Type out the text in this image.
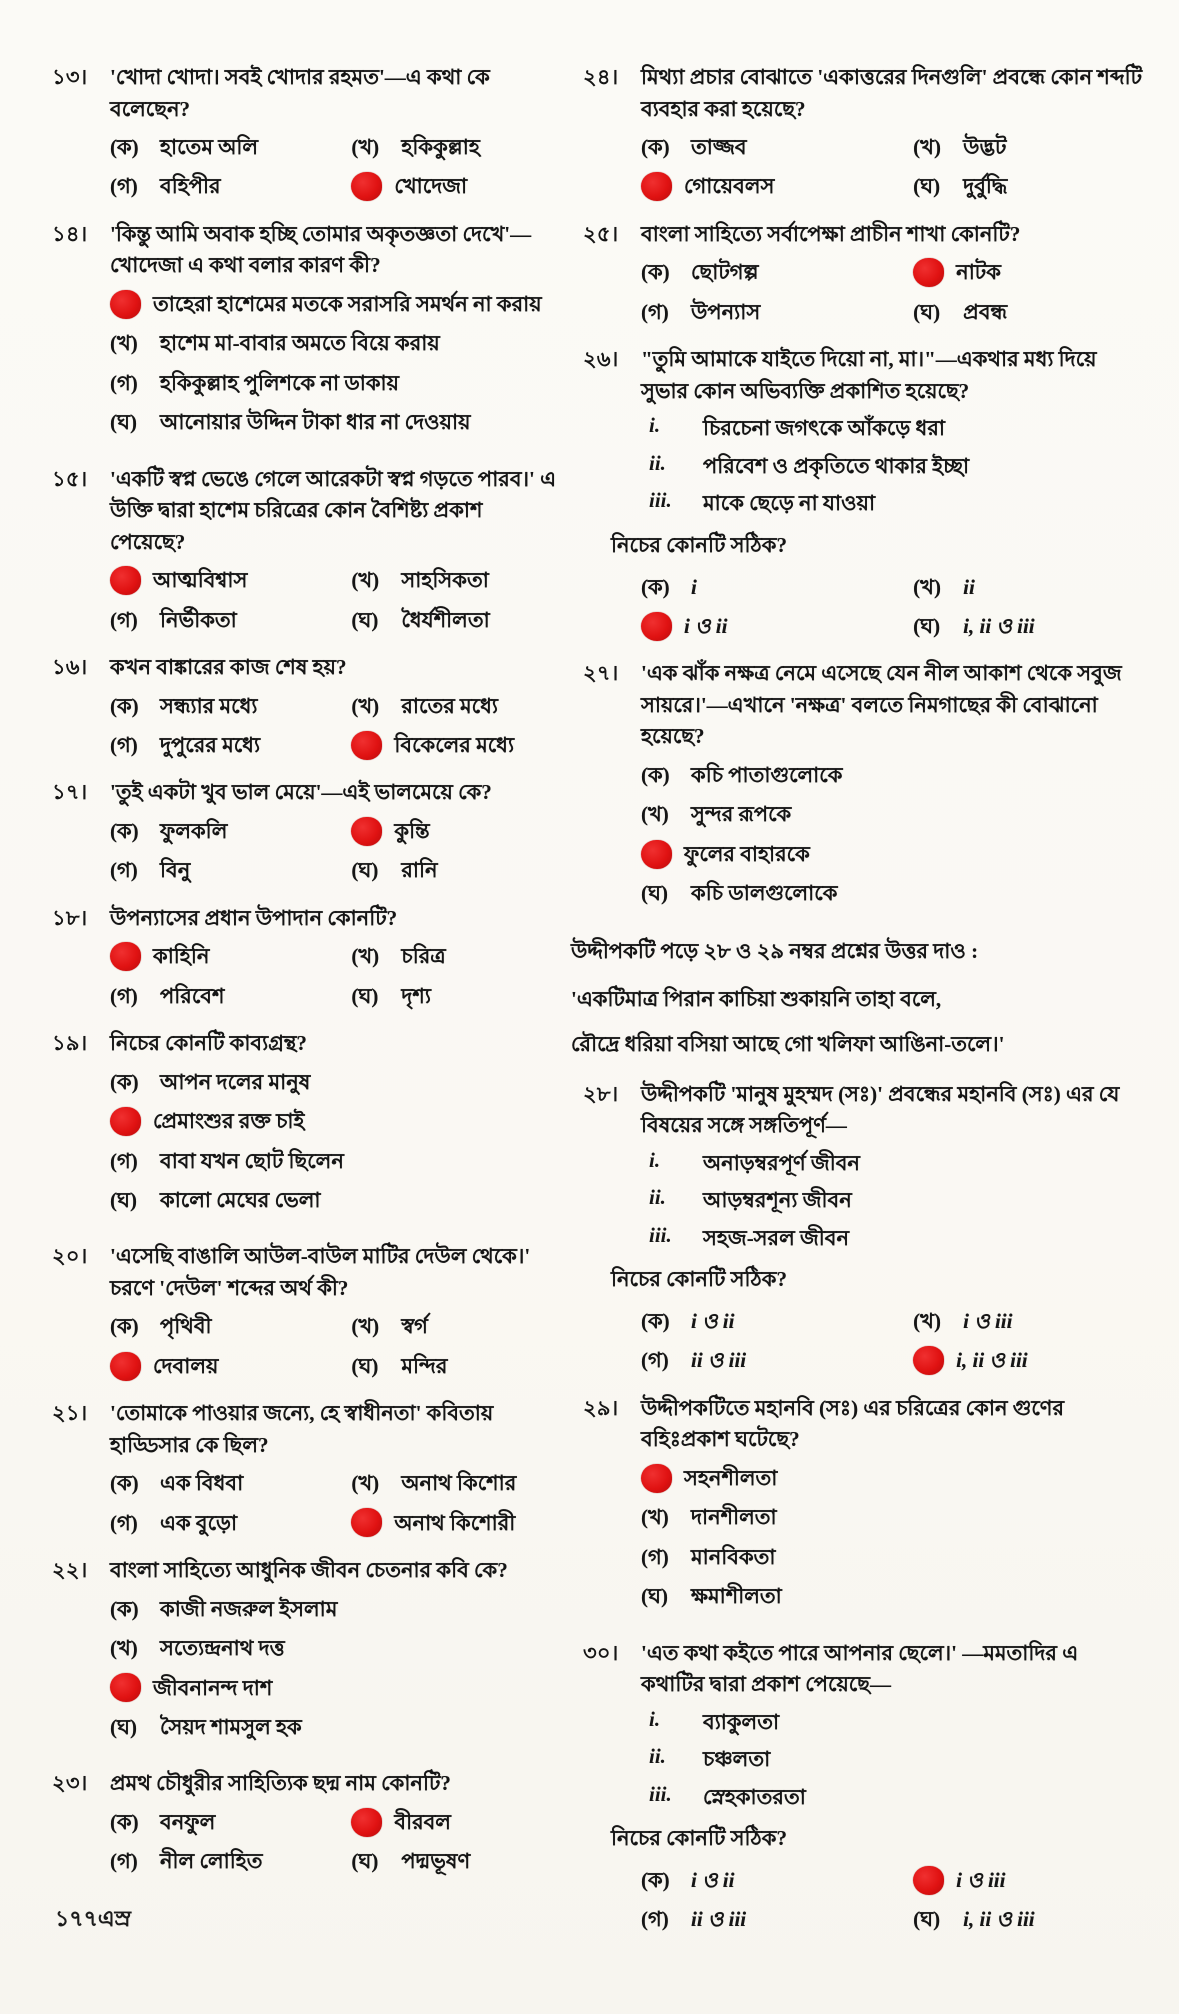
১৩।	'খোদা খোদা। সবই খোদার রহমত'—এ কথা কে বলেছেন?
(ক)	হাতেম অলি	(খ)	হকিকুল্লাহ
(গ)	বহিপীর	খোদেজা
১৪।	'কিন্তু আমি অবাক হচ্ছি তোমার অকৃতজ্ঞতা দেখে'— খোদেজা এ কথা বলার কারণ কী?
তাহেরা হাশেমের মতকে সরাসরি সমর্থন না করায়
(খ)	হাশেম মা-বাবার অমতে বিয়ে করায়
(গ)	হকিকুল্লাহ পুলিশকে না ডাকায়
(ঘ)	আনোয়ার উদ্দিন টাকা ধার না দেওয়ায়
১৫।	'একটি স্বপ্ন ভেঙে গেলে আরেকটা স্বপ্ন গড়তে পারব।' এ উক্তি দ্বারা হাশেম চরিত্রের কোন বৈশিষ্ট্য প্রকাশ পেয়েছে?
আত্মবিশ্বাস	(খ)	সাহসিকতা
(গ)	নির্ভীকতা	(ঘ)	ধৈর্যশীলতা
১৬।	কখন বাঙ্কারের কাজ শেষ হয়?
(ক)	সন্ধ্যার মধ্যে	(খ)	রাতের মধ্যে
(গ)	দুপুরের মধ্যে	বিকেলের মধ্যে
১৭।	'তুই একটা খুব ভাল মেয়ে'—এই ভালমেয়ে কে?
(ক)	ফুলকলি	কুন্তি
(গ)	বিনু	(ঘ)	রানি
১৮।	উপন্যাসের প্রধান উপাদান কোনটি?
কাহিনি	(খ)	চরিত্র
(গ)	পরিবেশ	(ঘ)	দৃশ্য
১৯।	নিচের কোনটি কাব্যগ্রন্থ?
(ক)	আপন দলের মানুষ
প্রেমাংশুর রক্ত চাই
(গ)	বাবা যখন ছোট ছিলেন
(ঘ)	কালো মেঘের ভেলা
২০।	'এসেছি বাঙালি আউল-বাউল মাটির দেউল থেকে।' চরণে 'দেউল' শব্দের অর্থ কী?
(ক)	পৃথিবী	(খ)	স্বর্গ
দেবালয়	(ঘ)	মন্দির
২১।	'তোমাকে পাওয়ার জন্যে, হে স্বাধীনতা' কবিতায় হাড্ডিসার কে ছিল?
(ক)	এক বিধবা	(খ)	অনাথ কিশোর
(গ)	এক বুড়ো	অনাথ কিশোরী
২২।	বাংলা সাহিত্যে আধুনিক জীবন চেতনার কবি কে?
(ক)	কাজী নজরুল ইসলাম
(খ)	সত্যেন্দ্রনাথ দত্ত
জীবনানন্দ দাশ
(ঘ)	সৈয়দ শামসুল হক
২৩।	প্রমথ চৌধুরীর সাহিত্যিক ছদ্ম নাম কোনটি?
(ক)	বনফুল	বীরবল
(গ)	নীল লোহিত	(ঘ)	পদ্মভূষণ
২৪।	মিথ্যা প্রচার বোঝাতে 'একাত্তরের দিনগুলি' প্রবন্ধে কোন শব্দটি ব্যবহার করা হয়েছে?
(ক)	তাজ্জব	(খ)	উদ্ভট
গোয়েবলস	(ঘ)	দুর্বুদ্ধি
২৫।	বাংলা সাহিত্যে সর্বাপেক্ষা প্রাচীন শাখা কোনটি?
(ক)	ছোটগল্প	নাটক
(গ)	উপন্যাস	(ঘ)	প্রবন্ধ
২৬।	"তুমি আমাকে যাইতে দিয়ো না, মা।"—একথার মধ্য দিয়ে সুভার কোন অভিব্যক্তি প্রকাশিত হয়েছে?
i.	চিরচেনা জগৎকে আঁকড়ে ধরা
ii.	পরিবেশ ও প্রকৃতিতে থাকার ইচ্ছা
iii. মাকে ছেড়ে না যাওয়া
নিচের কোনটি সঠিক?
(ক)	i	(খ)	ii
i ও ii	(ঘ)	i, ii ও iii
২৭।	'এক ঝাঁক নক্ষত্র নেমে এসেছে যেন নীল আকাশ থেকে সবুজ সায়রে।'—এখানে 'নক্ষত্র' বলতে নিমগাছের কী বোঝানো হয়েছে?
(ক)	কচি পাতাগুলোকে
(খ)	সুন্দর রূপকে
ফুলের বাহারকে
(ঘ)	কচি ডালগুলোকে
উদ্দীপকটি পড়ে ২৮ ও ২৯ নম্বর প্রশ্নের উত্তর দাও :
'একটিমাত্র পিরান কাচিয়া শুকায়নি তাহা বলে,
রৌদ্রে ধরিয়া বসিয়া আছে গো খলিফা আঙিনা-তলে।'
২৮।	উদ্দীপকটি 'মানুষ মুহম্মদ (সঃ)' প্রবন্ধের মহানবি (সঃ) এর যে বিষয়ের সঙ্গে সঙ্গতিপূর্ণ—
i.	অনাড়ম্বরপূর্ণ জীবন
ii.	আড়ম্বরশূন্য জীবন
iii. সহজ-সরল জীবন
নিচের কোনটি সঠিক?
(ক)	i ও ii	(খ)	i ও iii
(গ)	ii ও iii	i, ii ও iii
২৯।	উদ্দীপকটিতে মহানবি (সঃ) এর চরিত্রের কোন গুণের বহিঃপ্রকাশ ঘটেছে?
সহনশীলতা
(খ)	দানশীলতা
(গ)	মানবিকতা
(ঘ)	ক্ষমাশীলতা
৩০।	'এত কথা কইতে পারে আপনার ছেলে।' —মমতাদির এ কথাটির দ্বারা প্রকাশ পেয়েছে—
i.	ব্যাকুলতা
ii.	চঞ্চলতা
iii. স্নেহকাতরতা
নিচের কোনটি সঠিক?
(ক)	i ও ii	i ও iii
(গ)	ii ও iii	(ঘ)	i, ii ও iii
১৭৭এস্র
